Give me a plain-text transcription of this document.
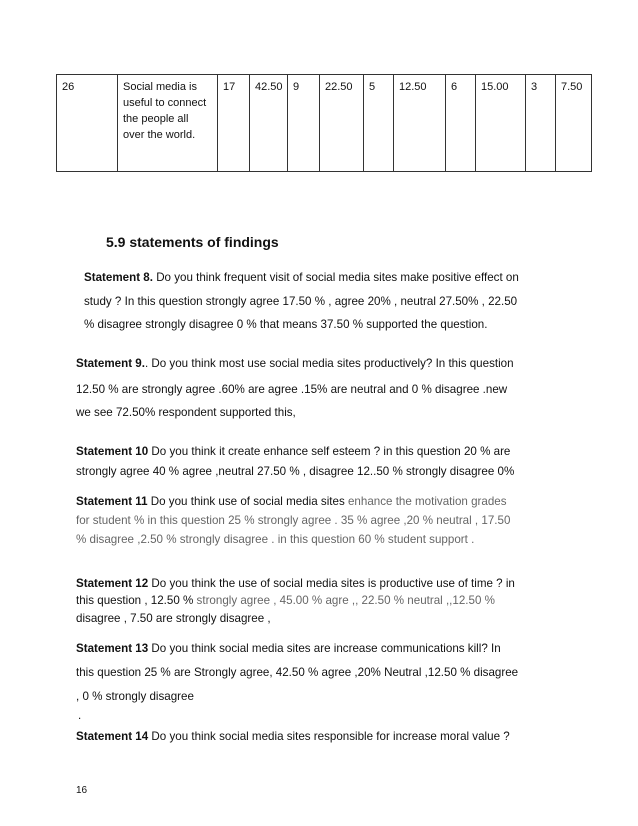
26	Social media is useful to connect the people all over the world.	17	42.50	9	22.50	5	12.50	6	15.00	3	7.50
5.9 statements of findings
Statement 8. Do you think frequent visit of social media sites make positive effect on
study ? In this question strongly agree 17.50 % , agree 20% , neutral 27.50% , 22.50
% disagree strongly disagree 0 % that means 37.50 % supported the question.
Statement 9.. Do you think most use social media sites productively? In this question
12.50 % are strongly agree .60% are agree .15% are neutral and 0 % disagree .new
we see 72.50% respondent supported this,
Statement 10 Do you think it create enhance self esteem ? in this question 20 % are
strongly agree 40 % agree ,neutral 27.50 % , disagree 12..50 % strongly disagree 0%
Statement 11 Do you think use of social media sites enhance the motivation grades
for student % in this question 25 % strongly agree . 35 % agree ,20 % neutral , 17.50
% disagree ,2.50 % strongly disagree . in this question 60 % student support .
Statement 12 Do you think the use of social media sites is productive use of time ? in
this question , 12.50 % strongly agree , 45.00 % agre ,, 22.50 % neutral ,,12.50 %
disagree , 7.50 are strongly disagree ,
Statement 13 Do you think social media sites are increase communications kill? In
this question 25 % are Strongly agree, 42.50 % agree ,20% Neutral ,12.50 % disagree
, 0 % strongly disagree
.
Statement 14 Do you think social media sites responsible for increase moral value ?
16
